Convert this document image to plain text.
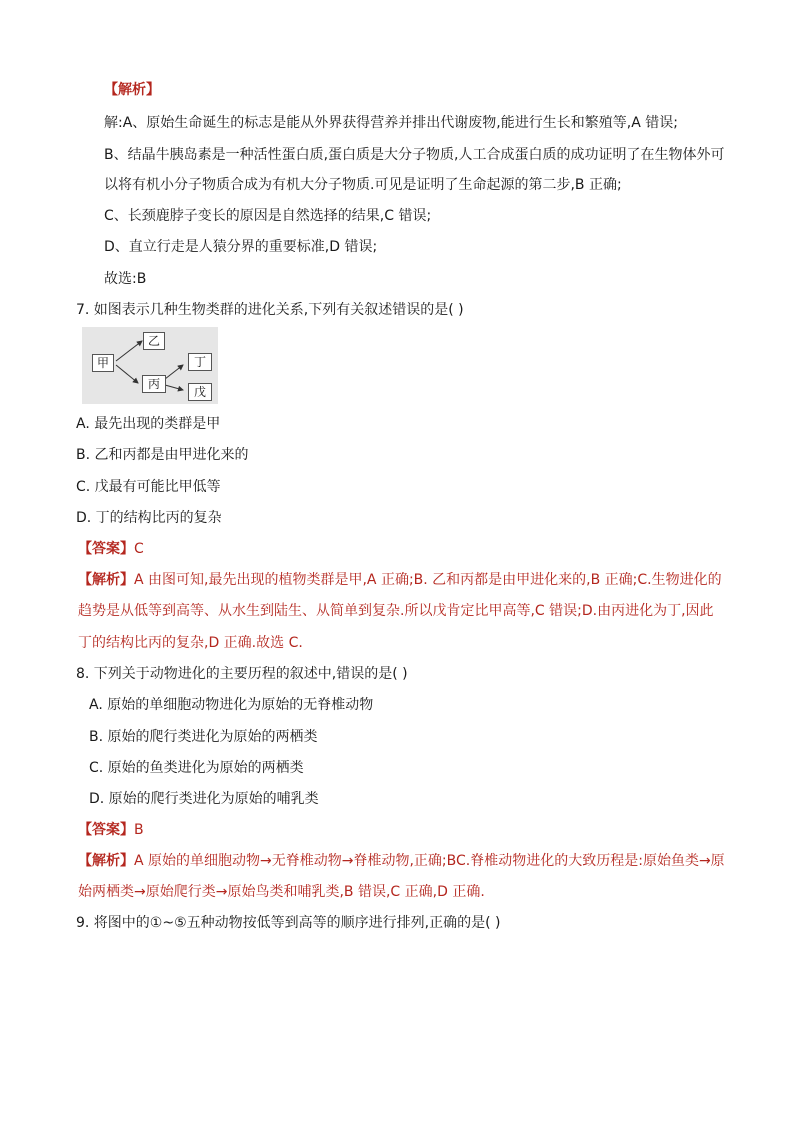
【解析】
解:A、原始生命诞生的标志是能从外界获得营养并排出代谢废物,能进行生长和繁殖等,A 错误;
B、结晶牛胰岛素是一种活性蛋白质,蛋白质是大分子物质,人工合成蛋白质的成功证明了在生物体外可
以将有机小分子物质合成为有机大分子物质.可见是证明了生命起源的第二步,B 正确;
C、长颈鹿脖子变长的原因是自然选择的结果,C 错误;
D、直立行走是人猿分界的重要标准,D 错误;
故选:B
7. 如图表示几种生物类群的进化关系,下列有关叙述错误的是( )
甲
乙
丙
丁
戊
A. 最先出现的类群是甲
B. 乙和丙都是由甲进化来的
C. 戊最有可能比甲低等
D. 丁的结构比丙的复杂
【答案】C
【解析】A 由图可知,最先出现的植物类群是甲,A 正确;B. 乙和丙都是由甲进化来的,B 正确;C.生物进化的
趋势是从低等到高等、从水生到陆生、从简单到复杂.所以戊肯定比甲高等,C 错误;D.由丙进化为丁,因此
丁的结构比丙的复杂,D 正确.故选 C.
8. 下列关于动物进化的主要历程的叙述中,错误的是( )
A. 原始的单细胞动物进化为原始的无脊椎动物
B. 原始的爬行类进化为原始的两栖类
C. 原始的鱼类进化为原始的两栖类
D. 原始的爬行类进化为原始的哺乳类
【答案】B
【解析】A 原始的单细胞动物→无脊椎动物→脊椎动物,正确;BC.脊椎动物进化的大致历程是:原始鱼类→原
始两栖类→原始爬行类→原始鸟类和哺乳类,B 错误,C 正确,D 正确.
9. 将图中的①~⑤五种动物按低等到高等的顺序进行排列,正确的是( )
